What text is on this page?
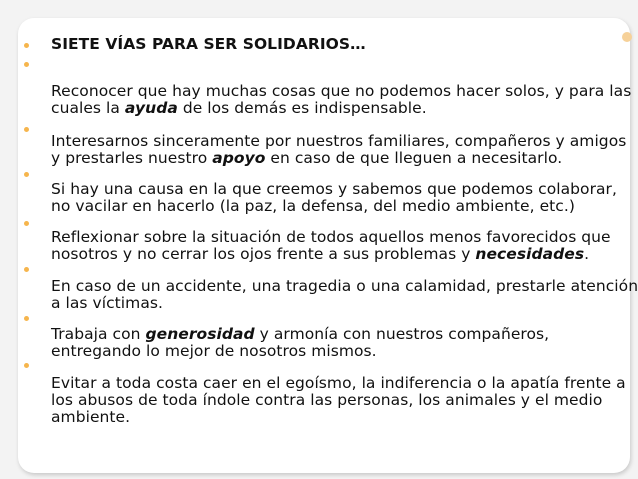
SIETE VÍAS PARA SER SOLIDARIOS…
Reconocer que hay muchas cosas que no podemos hacer solos, y para las
cuales la ayuda de los demás es indispensable.
Interesarnos sinceramente por nuestros familiares, compañeros y amigos
y prestarles nuestro apoyo en caso de que lleguen a necesitarlo.
Si hay una causa en la que creemos y sabemos que podemos colaborar,
no vacilar en hacerlo (la paz, la defensa, del medio ambiente, etc.)
Reflexionar sobre la situación de todos aquellos menos favorecidos que
nosotros y no cerrar los ojos frente a sus problemas y necesidades.
En caso de un accidente, una tragedia o una calamidad, prestarle atención
a las víctimas.
Trabaja con generosidad y armonía con nuestros compañeros,
entregando lo mejor de nosotros mismos.
Evitar a toda costa caer en el egoísmo, la indiferencia o la apatía frente a
los abusos de toda índole contra las personas, los animales y el medio
ambiente.
